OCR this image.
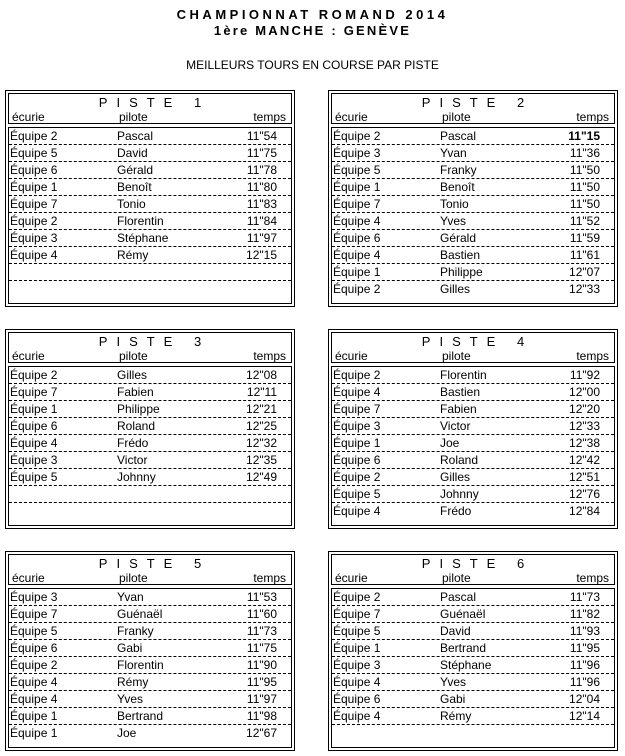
CHAMPIONNAT ROMAND 2014
1ère MANCHE : GENÈVE
MEILLEURS TOURS EN COURSE PAR PISTE
PISTE 1
écurie	pilote	temps
Équipe 2	Pascal	11"54
Équipe 5	David	11"75
Équipe 6	Gérald	11"78
Équipe 1	Benoît	11"80
Équipe 7	Tonio	11"83
Équipe 2	Florentin	11"84
Équipe 3	Stéphane	11"97
Équipe 4	Rémy	12"15
PISTE 2
écurie	pilote	temps
Équipe 2	Pascal	11"15
Équipe 3	Yvan	11"36
Équipe 5	Franky	11"50
Équipe 1	Benoît	11"50
Équipe 7	Tonio	11"50
Équipe 4	Yves	11"52
Équipe 6	Gérald	11"59
Équipe 4	Bastien	11"61
Équipe 1	Philippe	12"07
Équipe 2	Gilles	12"33
PISTE 3
écurie	pilote	temps
Équipe 2	Gilles	12"08
Équipe 7	Fabien	12"11
Équipe 1	Philippe	12"21
Équipe 6	Roland	12"25
Équipe 4	Frédo	12"32
Équipe 3	Victor	12"35
Équipe 5	Johnny	12"49
PISTE 4
écurie	pilote	temps
Équipe 2	Florentin	11"92
Équipe 4	Bastien	12"00
Équipe 7	Fabien	12"20
Équipe 3	Victor	12"33
Équipe 1	Joe	12"38
Équipe 6	Roland	12"42
Équipe 2	Gilles	12"51
Équipe 5	Johnny	12"76
Équipe 4	Frédo	12"84
PISTE 5
écurie	pilote	temps
Équipe 3	Yvan	11"53
Équipe 7	Guénaël	11"60
Équipe 5	Franky	11"73
Équipe 6	Gabi	11"75
Équipe 2	Florentin	11"90
Équipe 4	Rémy	11"95
Équipe 4	Yves	11"97
Équipe 1	Bertrand	11"98
Équipe 1	Joe	12"67
PISTE 6
écurie	pilote	temps
Équipe 2	Pascal	11"73
Équipe 7	Guénaël	11"82
Équipe 5	David	11"93
Équipe 1	Bertrand	11"95
Équipe 3	Stéphane	11"96
Équipe 4	Yves	11"96
Équipe 6	Gabi	12"04
Équipe 4	Rémy	12"14
